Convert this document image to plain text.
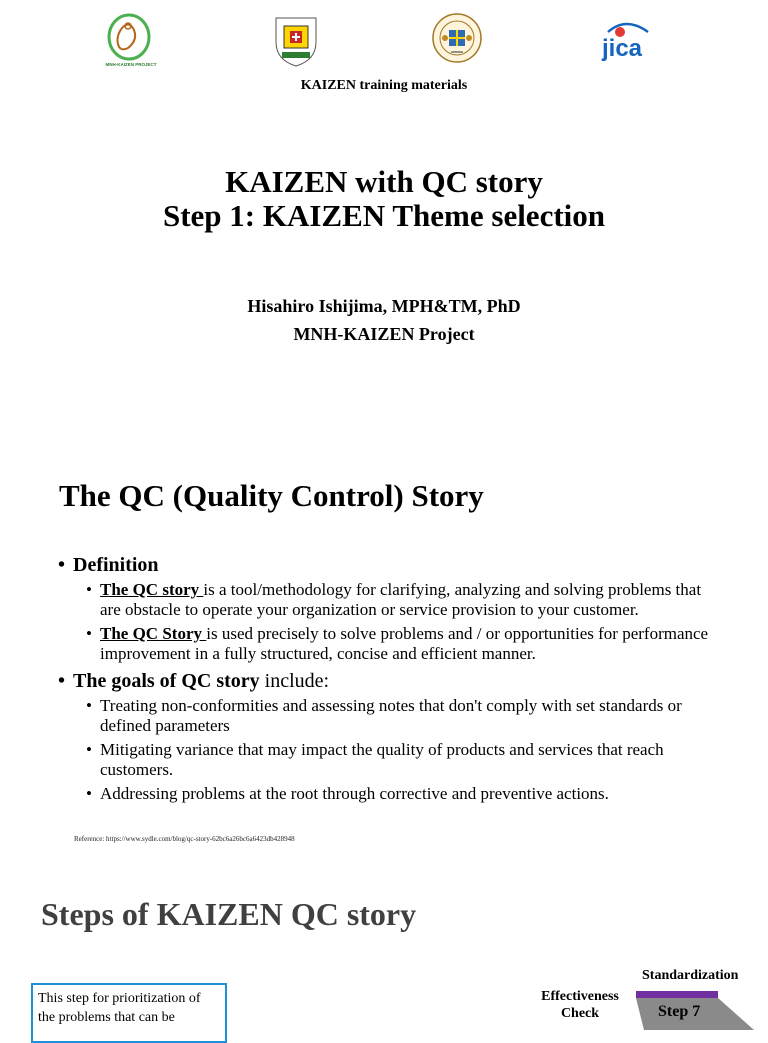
MNH-KAIZEN PROJECT
jica
KAIZEN training materials
KAIZEN with QC story
Step 1: KAIZEN Theme selection
Hisahiro Ishijima, MPH&TM, PhD
MNH-KAIZEN Project
The QC (Quality Control) Story
• Definition
• The QC story is a tool/methodology for clarifying, analyzing and solving problems that are obstacle to operate your organization or service provision to your customer.
• The QC Story is used precisely to solve problems and / or opportunities for performance improvement in a fully structured, concise and efficient manner.
• The goals of QC story include:
• Treating non-conformities and assessing notes that don't comply with set standards or defined parameters
• Mitigating variance that may impact the quality of products and services that reach customers.
• Addressing problems at the root through corrective and preventive actions.
Reference: https://www.sydle.com/blog/qc-story-62bc6a26bc6a6423db428948
Steps of KAIZEN QC story
This step for prioritization of the problems that can be
Standardization
Effectiveness Check	Step 7
